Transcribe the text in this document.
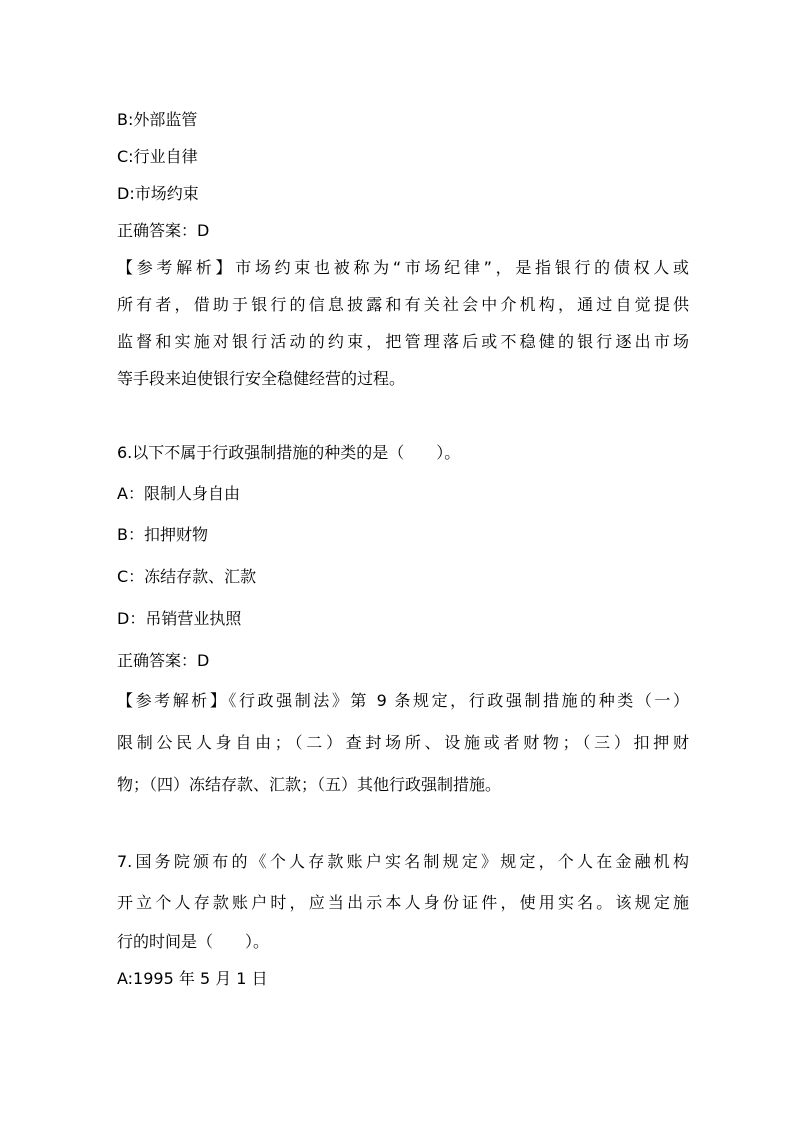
B:外部监管

C:行业自律

D:市场约束

正确答案：D

【参考解析】市场约束也被称为“市场纪律”，是指银行的债权人或

所有者，借助于银行的信息披露和有关社会中介机构，通过自觉提供

监督和实施对银行活动的约束，把管理落后或不稳健的银行逐出市场

等手段来迫使银行安全稳健经营的过程。

6.以下不属于行政强制措施的种类的是（　　）。

A：限制人身自由

B：扣押财物

C：冻结存款、汇款

D：吊销营业执照

正确答案：D

【参考解析】《行政强制法》第 9 条规定，行政强制措施的种类（一）

限制公民人身自由；（二）查封场所、设施或者财物；（三）扣押财

物；（四）冻结存款、汇款；（五）其他行政强制措施。

7.国务院颁布的《个人存款账户实名制规定》规定，个人在金融机构

开立个人存款账户时，应当出示本人身份证件，使用实名。该规定施

行的时间是（　　）。

A:1995 年 5 月 1 日
